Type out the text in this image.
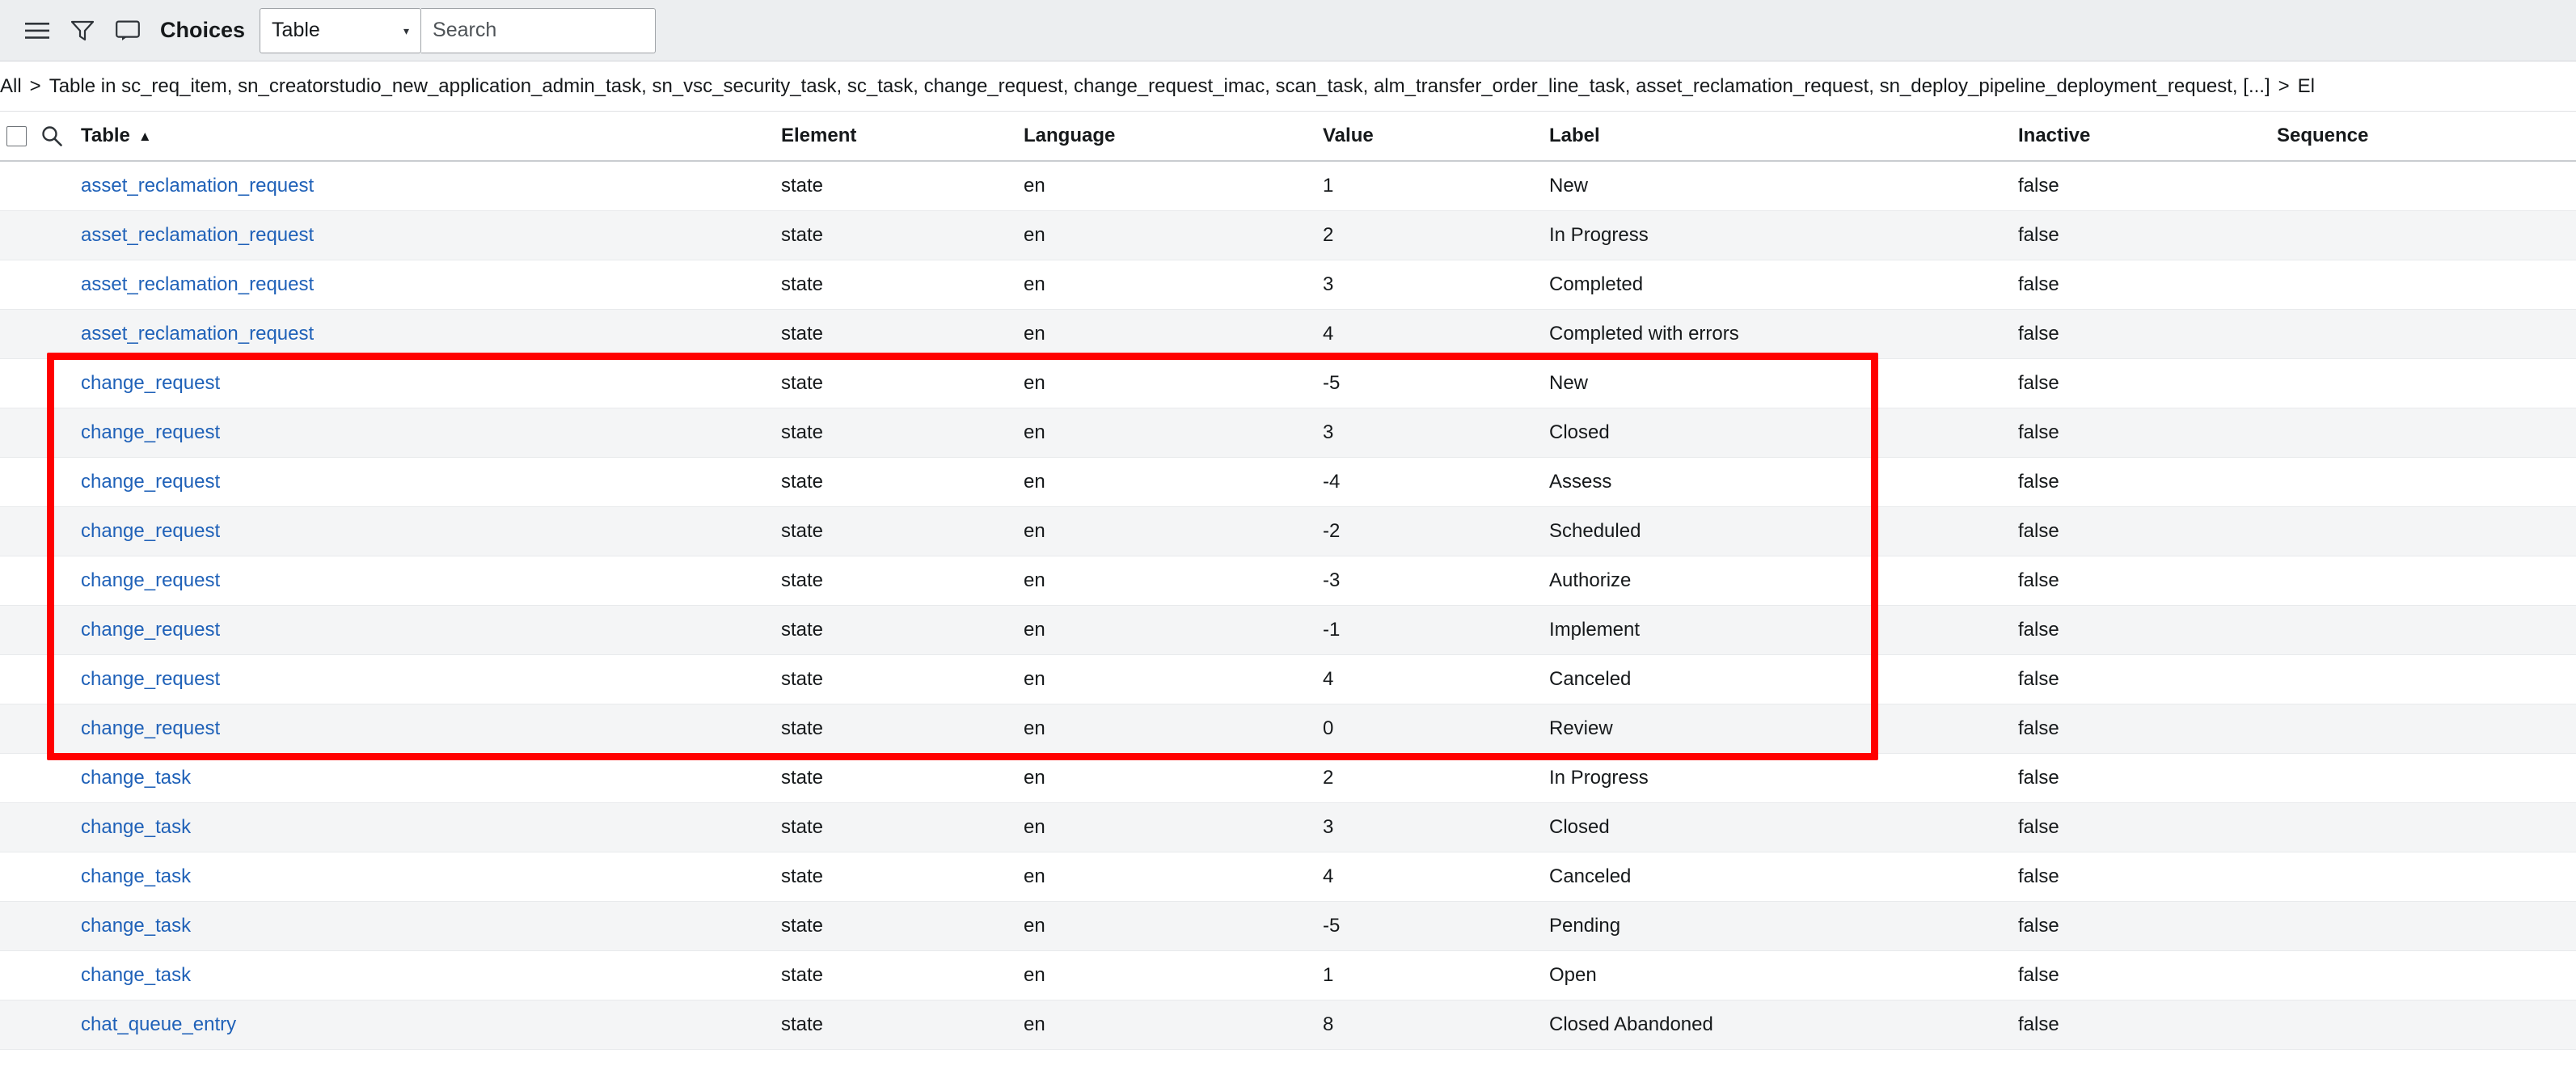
Choices Table	▾
Search
All > Table in sc_req_item, sn_creatorstudio_new_application_admin_task, sn_vsc_security_task, sc_task, change_request, change_request_imac, scan_task, alm_transfer_order_line_task, asset_reclamation_request, sn_deploy_pipeline_deployment_request, [...] > El
Table ▲	Element	Language	Value	Label	Inactive	Sequence
asset_reclamation_request	state	en	1	New	false
asset_reclamation_request	state	en	2	In Progress	false
asset_reclamation_request	state	en	3	Completed	false
asset_reclamation_request	state	en	4	Completed with errors	false
change_request	state	en	-5	New	false
change_request	state	en	3	Closed	false
change_request	state	en	-4	Assess	false
change_request	state	en	-2	Scheduled	false
change_request	state	en	-3	Authorize	false
change_request	state	en	-1	Implement	false
change_request	state	en	4	Canceled	false
change_request	state	en	0	Review	false
change_task	state	en	2	In Progress	false
change_task	state	en	3	Closed	false
change_task	state	en	4	Canceled	false
change_task	state	en	-5	Pending	false
change_task	state	en	1	Open	false
chat_queue_entry	state	en	8	Closed Abandoned	false
